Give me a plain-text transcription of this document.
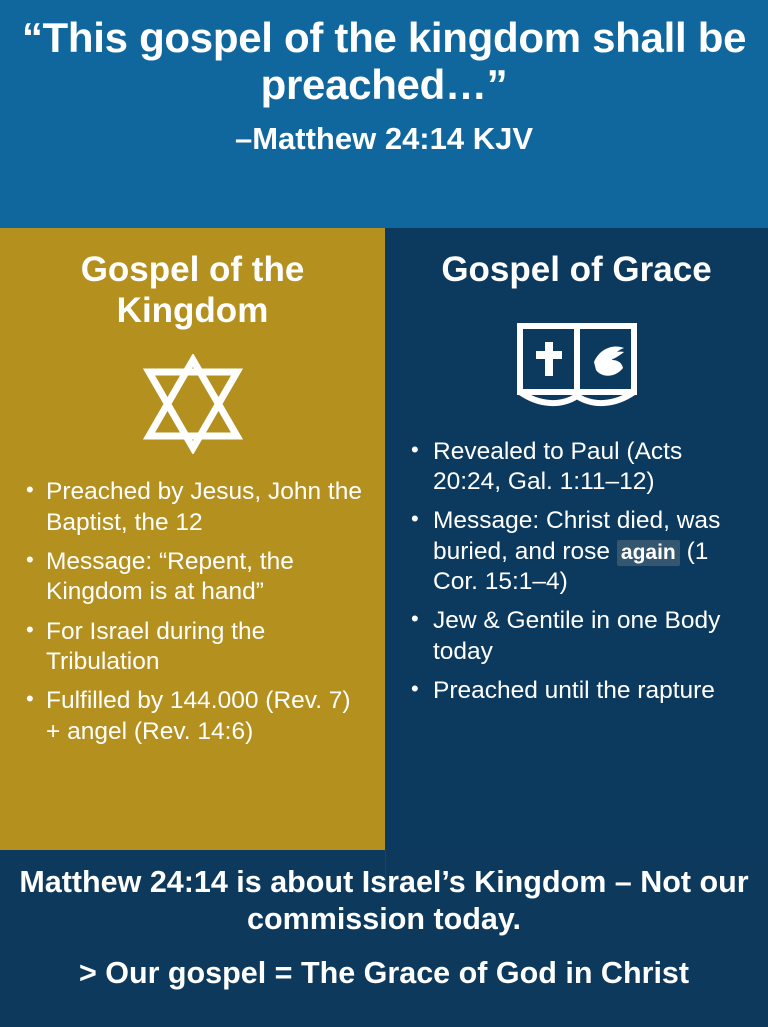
“This gospel of the kingdom shall be preached…”
–Matthew 24:14 KJV
Gospel of the Kingdom
• Preached by Jesus, John the Baptist, the 12
• Message: “Repent, the Kingdom is at hand”
• For Israel during the Tribulation
• Fulfilled by 144.000 (Rev. 7) + angel (Rev. 14:6)
Gospel of Grace
• Revealed to Paul (Acts 20:24, Gal. 1:11–12)
• Message: Christ died, was buried, and rose again (1 Cor. 15:1–4)
• Jew & Gentile in one Body today
• Preached until the rapture
Matthew 24:14 is about Israel’s Kingdom – Not our commission today.
> Our gospel = The Grace of God in Christ
